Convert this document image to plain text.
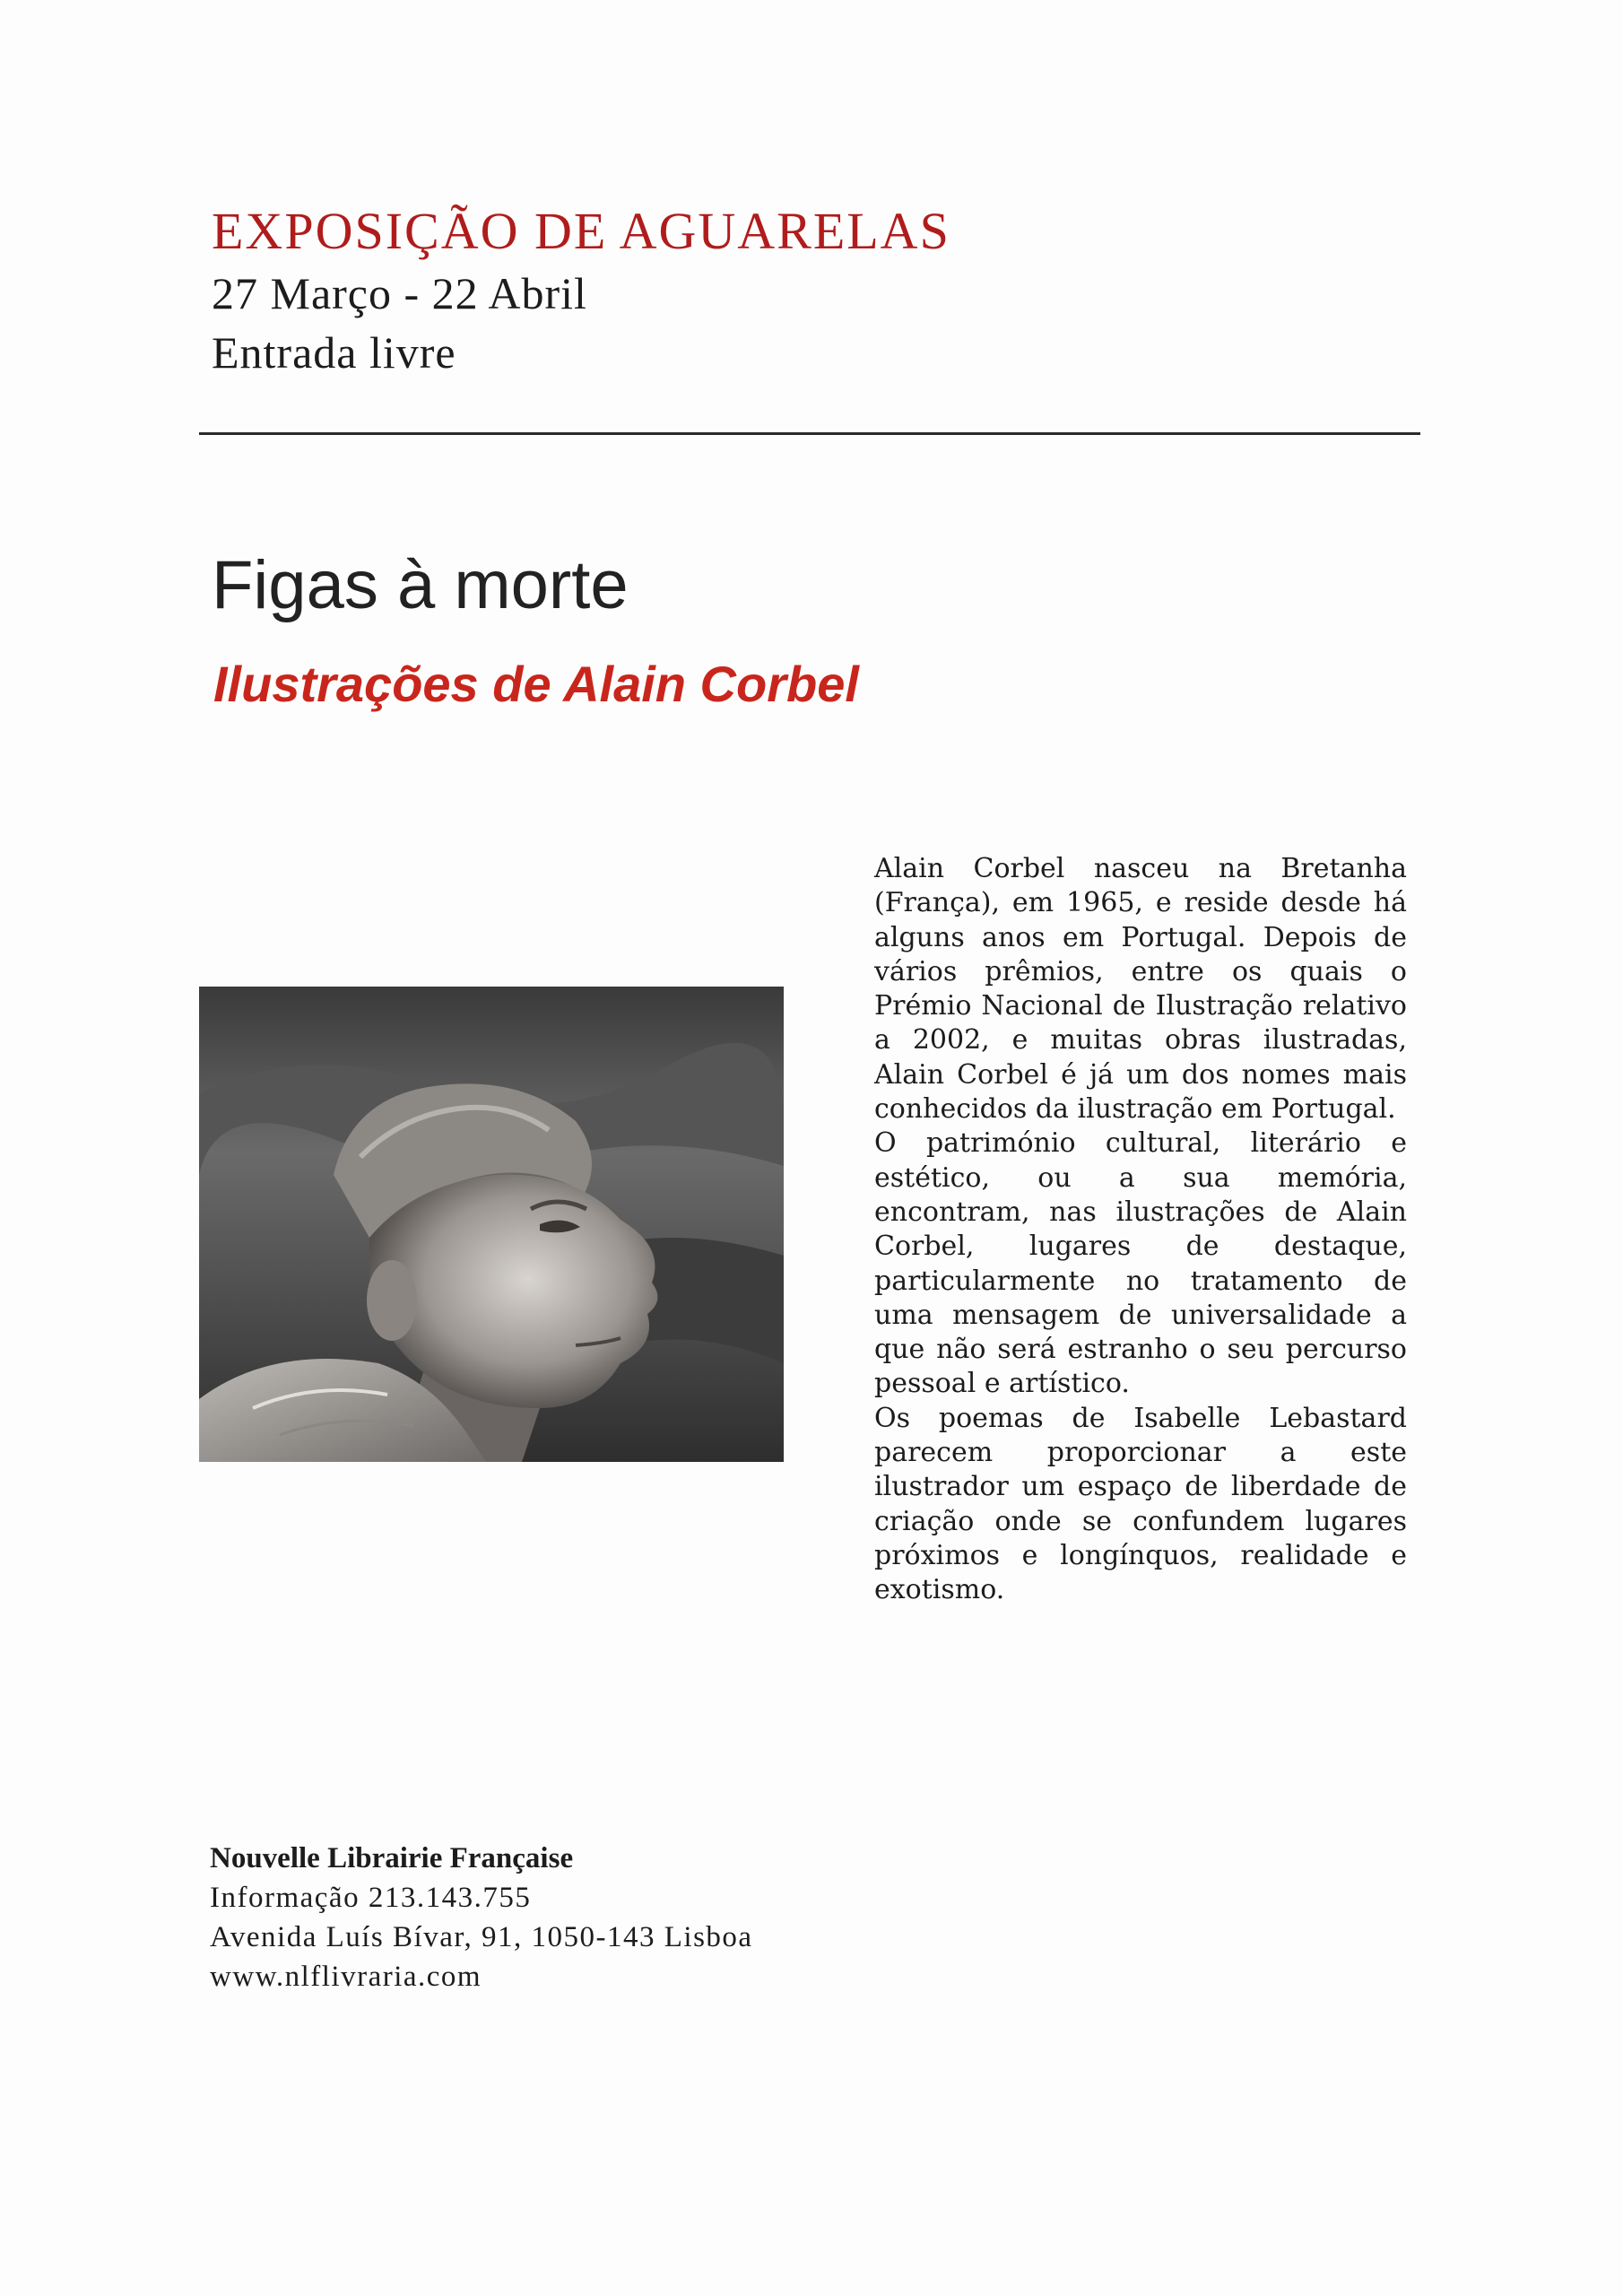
EXPOSIÇÃO DE AGUARELAS
27 Março - 22 Abril
Entrada livre
Figas à morte
Ilustrações de Alain Corbel

Alain Corbel nasceu na Bretanha (França), em 1965, e reside desde há alguns anos em Portugal. Depois de vários prêmios, entre os quais o Prémio Nacional de Ilustração relativo a 2002, e muitas obras ilustradas, Alain Corbel é já um dos nomes mais conhecidos da ilustração em Portugal.

O património cultural, literário e estético, ou a sua memória, encontram, nas ilustrações de Alain Corbel, lugares de destaque, particularmente no tratamento de uma mensagem de universalidade a que não será estranho o seu percurso pessoal e artístico.

Os poemas de Isabelle Lebastard parecem proporcionar a este ilustrador um espaço de liberdade de criação onde se confundem lugares próximos e longínquos, realidade e exotismo.

Nouvelle Librairie Française
Informação 213.143.755
Avenida Luís Bívar, 91, 1050-143 Lisboa
www.nlflivraria.com
